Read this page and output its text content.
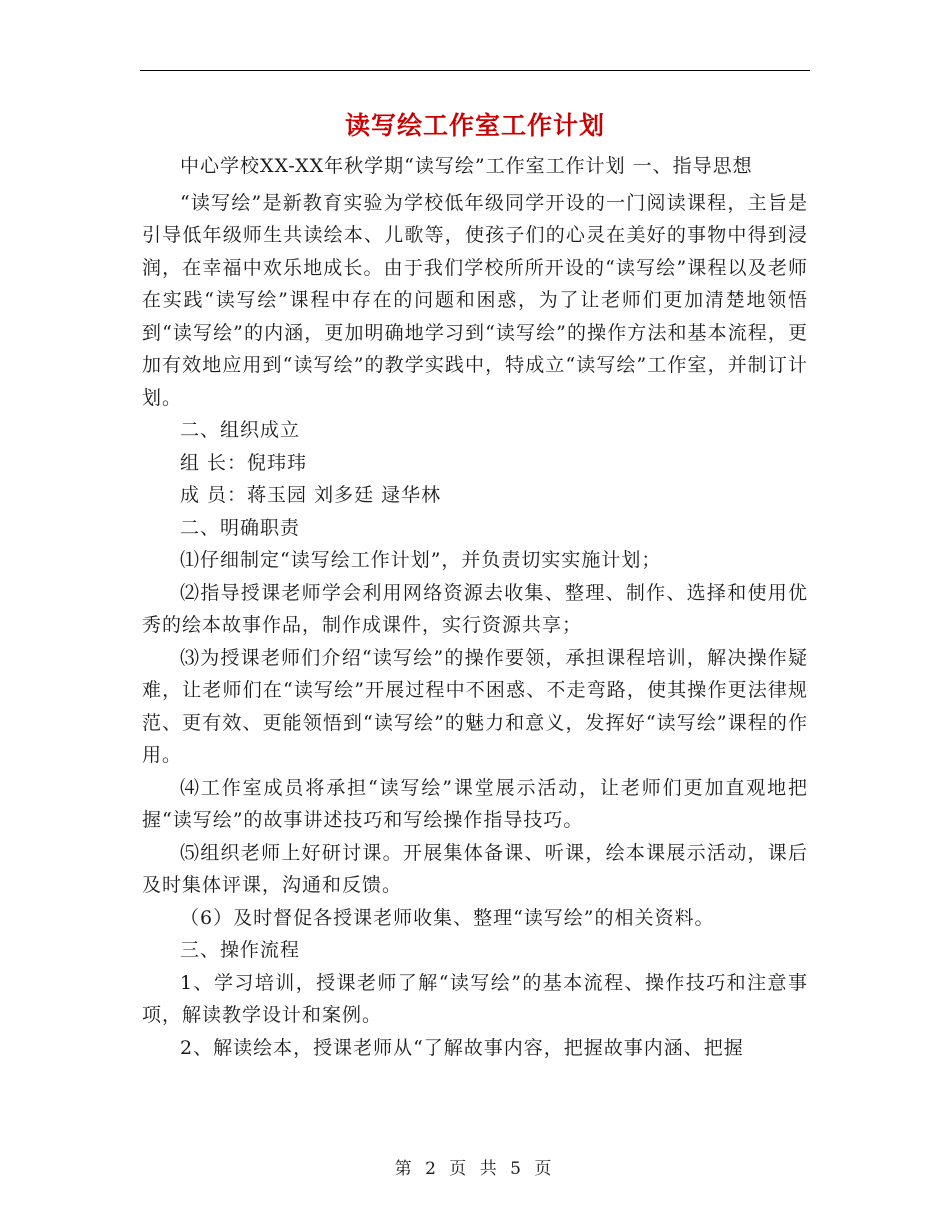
读写绘工作室工作计划

中心学校XX-XX年秋学期“读写绘”工作室工作计划 一、指导思想

“读写绘”是新教育实验为学校低年级同学开设的一门阅读课程，主旨是引导低年级师生共读绘本、儿歌等，使孩子们的心灵在美好的事物中得到浸润，在幸福中欢乐地成长。由于我们学校所所开设的“读写绘”课程以及老师在实践“读写绘”课程中存在的问题和困惑，为了让老师们更加清楚地领悟到“读写绘”的内涵，更加明确地学习到“读写绘”的操作方法和基本流程，更加有效地应用到“读写绘”的教学实践中，特成立“读写绘”工作室，并制订计划。

二、组织成立

组 长：倪玮玮

成 员：蒋玉园 刘多廷 逯华林

二、明确职责

⑴仔细制定“读写绘工作计划”，并负责切实实施计划；

⑵指导授课老师学会利用网络资源去收集、整理、制作、选择和使用优秀的绘本故事作品，制作成课件，实行资源共享；

⑶为授课老师们介绍“读写绘”的操作要领，承担课程培训，解决操作疑难，让老师们在“读写绘”开展过程中不困惑、不走弯路，使其操作更法律规范、更有效、更能领悟到“读写绘”的魅力和意义，发挥好“读写绘”课程的作用。

⑷工作室成员将承担“读写绘”课堂展示活动，让老师们更加直观地把握“读写绘”的故事讲述技巧和写绘操作指导技巧。

⑸组织老师上好研讨课。开展集体备课、听课，绘本课展示活动，课后及时集体评课，沟通和反馈。

（6）及时督促各授课老师收集、整理“读写绘”的相关资料。

三、操作流程

1、学习培训，授课老师了解“读写绘”的基本流程、操作技巧和注意事项，解读教学设计和案例。

2、解读绘本，授课老师从“了解故事内容，把握故事内涵、把握

第 2 页 共 5 页
